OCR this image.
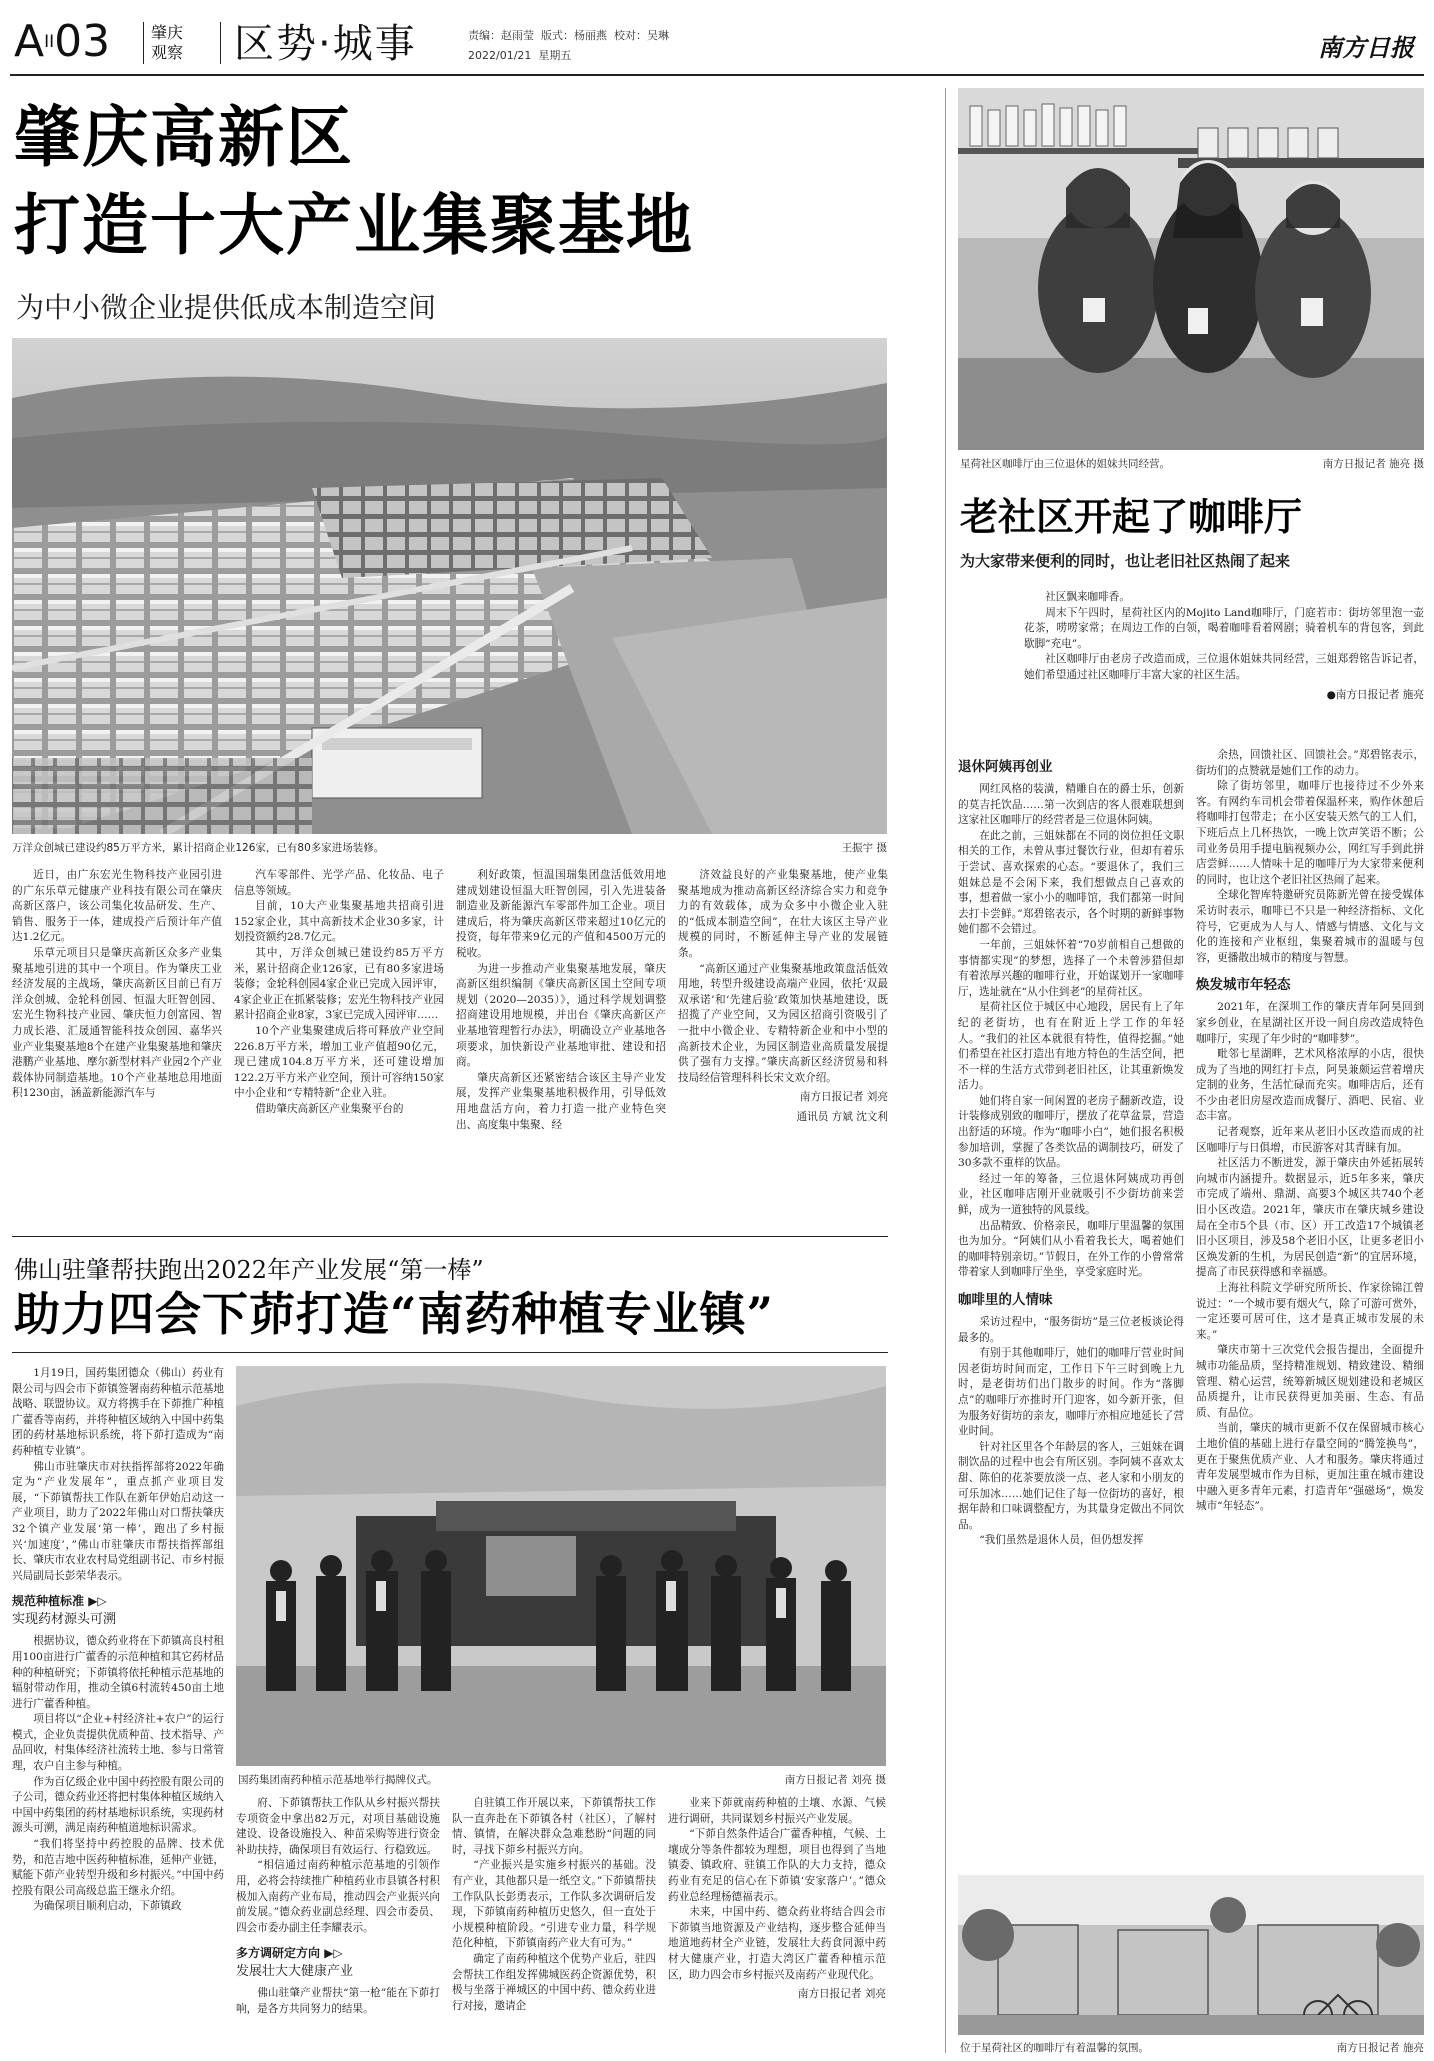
AII03	肇庆
观察 区势·城事	责编：赵雨莹 版式：杨丽燕 校对：吴琳
2022/01/21 星期五	南方日报
肇庆高新区
打造十大产业集聚基地
为中小微企业提供低成本制造空间
万洋众创城已建设约85万平方米，累计招商企业126家，已有80多家进场装修。	王振宇 摄

近日，由广东宏光生物科技产业园引进的广东乐草元健康产业科技有限公司在肇庆高新区落户，该公司集化妆品研发、生产、销售、服务于一体，建成投产后预计年产值达1.2亿元。

乐草元项目只是肇庆高新区众多产业集聚基地引进的其中一个项目。作为肇庆工业经济发展的主战场，肇庆高新区目前已有万洋众创城、金轮科创园、恒温大旺智创园、宏光生物科技产业园、肇庆恒力创富园、智力成长港、汇晟通智能科技众创园、嘉华兴业产业集聚基地8个在建产业集聚基地和肇庆港鹏产业基地、摩尔新型材料产业园2个产业载体协同制造基地。10个产业基地总用地面积1230亩，涵盖新能源汽车与

汽车零部件、光学产品、化妆品、电子信息等领域。

目前，10大产业集聚基地共招商引进152家企业，其中高新技术企业30多家，计划投资额约28.7亿元。

其中，万洋众创城已建设约85万平方米，累计招商企业126家，已有80多家进场装修；金轮科创园4家企业已完成入园评审，4家企业正在抓紧装修；宏光生物科技产业园累计招商企业8家，3家已完成入园评审……

10个产业集聚建成后将可释放产业空间226.8万平方米，增加工业产值超90亿元，现已建成104.8万平方米，还可建设增加122.2万平方米产业空间，预计可容纳150家中小企业和“专精特新”企业入驻。

借助肇庆高新区产业集聚平台的

利好政策，恒温国瑞集团盘活低效用地建成划建设恒温大旺智创园，引入先进装备制造业及新能源汽车零部件加工企业。项目建成后，将为肇庆高新区带来超过10亿元的投资，每年带来9亿元的产值和4500万元的税收。

为进一步推动产业集聚基地发展，肇庆高新区组织编制《肇庆高新区国土空间专项规划（2020—2035）》，通过科学规划调整招商建设用地规模，并出台《肇庆高新区产业基地管理暂行办法》，明确设立产业基地各项要求，加快新设产业基地审批、建设和招商。

肇庆高新区还紧密结合该区主导产业发展，发挥产业集聚基地积极作用，引导低效用地盘活方向，着力打造一批产业特色突出、高度集中集聚、经

济效益良好的产业集聚基地，使产业集聚基地成为推动高新区经济综合实力和竞争力的有效载体，成为众多中小微企业入驻的“低成本制造空间”，在壮大该区主导产业规模的同时，不断延伸主导产业的发展链条。

“高新区通过产业集聚基地政策盘活低效用地，转型升级建设高端产业园，依托‘双最双承诺’和‘先建后验’政策加快基地建设，既招揽了产业空间，又为园区招商引资吸引了一批中小微企业、专精特新企业和中小型的高新技术企业，为园区制造业高质量发展提供了强有力支撑。”肇庆高新区经济贸易和科技局经信管理科科长宋文欢介绍。

南方日报记者 刘亮

通讯员 方斌 沈文利

佛山驻肇帮扶跑出2022年产业发展“第一棒”
助力四会下茆打造“南药种植专业镇”

1月19日，国药集团德众（佛山）药业有限公司与四会市下茆镇签署南药种植示范基地战略、联盟协议。双方将携手在下茆推广种植广藿香等南药，并将种植区域纳入中国中药集团的药材基地标识系统，将下茆打造成为“南药种植专业镇”。

佛山市驻肇庆市对扶指挥部将2022年确定为“产业发展年”，重点抓产业项目发展，“下茆镇帮扶工作队在新年伊始启动这一产业项目，助力了2022年佛山对口帮扶肇庆32个镇产业发展‘第一棒’，跑出了乡村振兴‘加速度’，”佛山市驻肇庆市帮扶指挥部组长、肇庆市农业农村局党组副书记、市乡村振兴局副局长彭荣华表示。

规范种植标准 ▶▷

实现药材源头可溯

根据协议，德众药业将在下茆镇高良村租用100亩进行广藿香的示范种植和其它药材品种的种植研究；下茆镇将依托种植示范基地的辐射带动作用，推动全镇6村流转450亩土地进行广藿香种植。

项目将以“企业+村经济社+农户”的运行模式，企业负责提供优质种苗、技术指导、产品回收，村集体经济社流转土地、参与日常管理，农户自主参与种植。

作为百亿级企业中国中药控股有限公司的子公司，德众药业还将把村集体种植区域纳入中国中药集团的药材基地标识系统，实现药材源头可溯，满足南药种植道地标识需求。

“我们将坚持中药控股的品牌、技术优势，和范吉地中医药种植标准，延伸产业链，赋能下茆产业转型升级和乡村振兴。”中国中药控股有限公司高级总监王继永介绍。

为确保项目顺利启动，下茆镇政

国药集团南药种植示范基地举行揭牌仪式。	南方日报记者 刘亮 摄

府、下茆镇帮扶工作队从乡村振兴帮扶专项资金中拿出82万元，对项目基础设施建设、设备设施投入、种苗采购等进行资金补助扶持，确保项目有效运行、行稳致远。

“相信通过南药种植示范基地的引领作用，必将会持续推广种植药业市县镇各村积极加入南药产业布局，推动四会产业振兴向前发展。”德众药业副总经理、四会市委员、四会市委办副主任李耀表示。

多方调研定方向 ▶▷

发展壮大大健康产业

佛山驻肇产业帮扶“第一枪”能在下茆打响，是各方共同努力的结果。

自驻镇工作开展以来，下茆镇帮扶工作队一直奔赴在下茆镇各村（社区），了解村情、镇情，在解决群众急难愁盼“问题的同时，寻找下茆乡村振兴方向。

“产业振兴是实施乡村振兴的基础。没有产业，其他都只是一纸空文。”下茆镇帮扶工作队队长彭勇表示，工作队多次调研后发现，下茆镇南药种植历史悠久，但一直处于小规模种植阶段。“引进专业力量，科学规范化种植，下茆镇南药产业大有可为。”

确定了南药种植这个优势产业后，驻四会帮扶工作组发挥佛城医药企资源优势，积极与坐落于禅城区的中国中药、德众药业进行对接，邀请企

业来下茆就南药种植的土壤、水源、气候进行调研，共同谋划乡村振兴产业发展。

“下茆自然条件适合广藿香种植，气候、土壤成分等条件都较为理想，项目也得到了当地镇委、镇政府、驻镇工作队的大力支持，德众药业有充足的信心在下茆镇‘安家落户’。”德众药业总经理杨德福表示。

未来，中国中药、德众药业将结合四会市下茆镇当地资源及产业结构，逐步整合延伸当地道地药材全产业链，发展壮大药食同源中药材大健康产业，打造大湾区广藿香种植示范区，助力四会市乡村振兴及南药产业现代化。

南方日报记者 刘亮

星荷社区咖啡厅由三位退休的姐妹共同经营。	南方日报记者 施亮 摄
老社区开起了咖啡厅
为大家带来便利的同时，也让老旧社区热闹了起来

社区飘来咖啡香。

周末下午四时，星荷社区内的Mojito Land咖啡厅，门庭若市：街坊邻里泡一壶花茶，唠唠家常；在周边工作的白领，喝着咖啡看着网剧；骑着机车的背包客，到此歇脚“充电”。

社区咖啡厅由老房子改造而成，三位退休姐妹共同经营，三姐郑碧铭告诉记者，她们希望通过社区咖啡厅丰富大家的社区生活。

●南方日报记者 施亮

退休阿姨再创业

网红风格的装潢，精雕自在的爵士乐，创新的莫吉托饮品……第一次到店的客人很难联想到这家社区咖啡厅的经营者是三位退休阿姨。

在此之前，三姐妹都在不同的岗位担任文职相关的工作，未曾从事过餐饮行业，但却有着乐于尝试、喜欢探索的心态。“要退休了，我们三姐妹总是不会闲下来，我们想做点自己喜欢的事，想着做一家小小的咖啡馆，我们都第一时间去打卡尝鲜。”郑碧铭表示，各个时期的新鲜事物她们都不会错过。

一年前，三姐妹怀着“70岁前相自己想做的事情都实现”的梦想，选择了一个未曾涉猎但却有着浓厚兴趣的咖啡行业，开始谋划开一家咖啡厅，选址就在“从小住到老”的星荷社区。

星荷社区位于城区中心地段，居民有上了年纪的老街坊，也有在附近上学工作的年轻人。“我们的社区本就很有特性，值得挖掘。”她们希望在社区打造出有地方特色的生活空间，把不一样的生活方式带到老旧社区，让其重新焕发活力。

她们将自家一间闲置的老房子翻新改造，设计装修成别致的咖啡厅，摆放了花草盆景，营造出舒适的环境。作为“咖啡小白”，她们报名积极参加培训，掌握了各类饮品的调制技巧，研发了30多款不重样的饮品。

经过一年的筹备，三位退休阿姨成功再创业，社区咖啡店刚开业就吸引不少街坊前来尝鲜，成为一道独特的风景线。

出品精致、价格亲民，咖啡厅里温馨的氛围也为加分。“阿姨们从小看着我长大，喝着她们的咖啡特别亲切。”节假日，在外工作的小曾常常带着家人到咖啡厅坐坐，享受家庭时光。

咖啡里的人情味

采访过程中，“服务街坊”是三位老板谈论得最多的。

有别于其他咖啡厅，她们的咖啡厅营业时间因老街坊时间而定，工作日下午三时到晚上九时，是老街坊们出门散步的时间。作为“落脚点”的咖啡厅亦推时开门迎客，如今新开张，但为服务好街坊的亲友，咖啡厅亦相应地延长了营业时间。

针对社区里各个年龄层的客人，三姐妹在调制饮品的过程中也会有所区别。李阿姨不喜欢太甜、陈伯的花茶要放淡一点、老人家和小朋友的可乐加冰……她们记住了每一位街坊的喜好，根据年龄和口味调整配方，为其量身定做出不同饮品。

“我们虽然是退休人员，但仍想发挥

余热，回馈社区、回馈社会。”郑碧铭表示，街坊们的点赞就是她们工作的动力。

除了街坊邻里，咖啡厅也接待过不少外来客。有网约车司机会带着保温杯来，购作休憩后将咖啡打包带走；在小区安装天然气的工人们，下班后点上几杯热饮，一晚上饮声笑语不断；公司业务员用手提电脑视频办公，网红写手到此拼店尝鲜……人情味十足的咖啡厅为大家带来便利的同时，也让这个老旧社区热闹了起来。

全球化智库特邀研究员陈新光曾在接受媒体采访时表示，咖啡已不只是一种经济指标、文化符号，它更成为人与人、情感与情感、文化与文化的连接和产业枢纽，集聚着城市的温暖与包容，更播散出城市的精度与智慧。

焕发城市年轻态

2021年，在深圳工作的肇庆青年阿昊回到家乡创业，在星湖社区开设一间自房改造成特色咖啡厅，实现了年少时的“咖啡梦”。

毗邻七星湖畔，艺术风格浓厚的小店，很快成为了当地的网红打卡点，阿昊兼颇运营着增庆定制的业务，生活忙碌而充实。咖啡店后，还有不少由老旧房屋改造而成餐厅、酒吧、民宿、业态丰富。

记者观察，近年来从老旧小区改造而成的社区咖啡厅与日俱增，市民游客对其青睐有加。

社区活力不断迸发，源于肇庆由外延拓展转向城市内涵提升。数据显示，近5年多来，肇庆市完成了端州、鼎湖、高要3个城区共740个老旧小区改造。2021年，肇庆市在肇庆城乡建设局在全市5个县（市、区）开工改造17个城镇老旧小区项目，涉及58个老旧小区，让更多老旧小区焕发新的生机，为居民创造“新”的宜居环境，提高了市民获得感和幸福感。

上海社科院文学研究所所长、作家徐锦江曾说过：“一个城市要有烟火气，除了可游可赏外，一定还要可居可住，这才是真正城市发展的未来。”

肇庆市第十三次党代会报告提出，全面提升城市功能品质，坚持精准规划、精致建设、精细管理、精心运营，统筹新城区规划建设和老城区品质提升，让市民获得更加美丽、生态、有品质、有品位。

当前，肇庆的城市更新不仅在保留城市核心土地价值的基础上进行存量空间的“腾笼换鸟”，更在于聚焦优质产业、人才和服务。肇庆将通过青年发展型城市作为目标，更加注重在城市建设中融入更多青年元素，打造青年“强磁场”，焕发城市“年轻态”。

位于星荷社区的咖啡厅有着温馨的氛围。	南方日报记者 施亮
